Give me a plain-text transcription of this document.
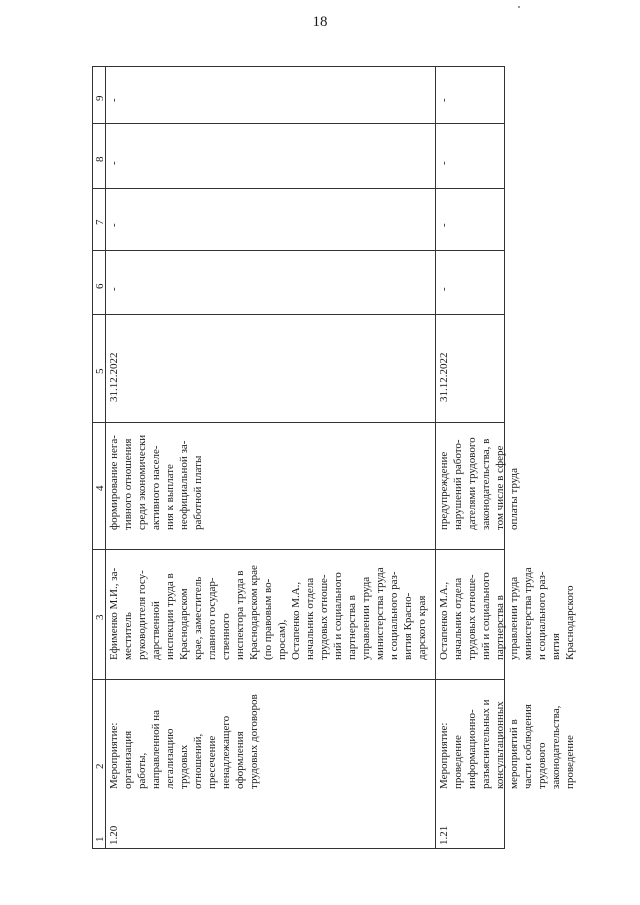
18
9
8
7
6
5
4
3
2
1 1.20
Мероприятие:
организация
работы,
направленной на
легализацию
трудовых
отношений,
пресечение
ненадлежащего
оформления
трудовых договоров
Ефименко М.И., за-
меститель
руководителя госу-
дарственной
инспекции труда в
Краснодарском
крае, заместитель
главного государ-
ственного
инспектора труда в
Краснодарском крае
(по правовым во-
просам),
Остапенко М.А.,
начальник отдела
трудовых отноше-
ний и социального
партнерства в
управлении труда
министерства труда
и социального раз-
вития Красно-
дарского края
формирование нега-
тивного отношения
среди экономически
активного населе-
ния к выплате
неофициальной за-
работной платы
31.12.2022
-
-
-
-
1.21
Мероприятие:
проведение
информационно-
разъяснительных и
консультационных
мероприятий в
части соблюдения
трудового
законодательства,
проведение
Остапенко М.А.,
начальник отдела
трудовых отноше-
ний и социального
партнерства в
управлении труда
министерства труда
и социального раз-
вития
Краснодарского
предупреждение
нарушений работо-
дателями трудового
законодательства, в
том числе в сфере
оплаты труда
31.12.2022
-
-
-
-
